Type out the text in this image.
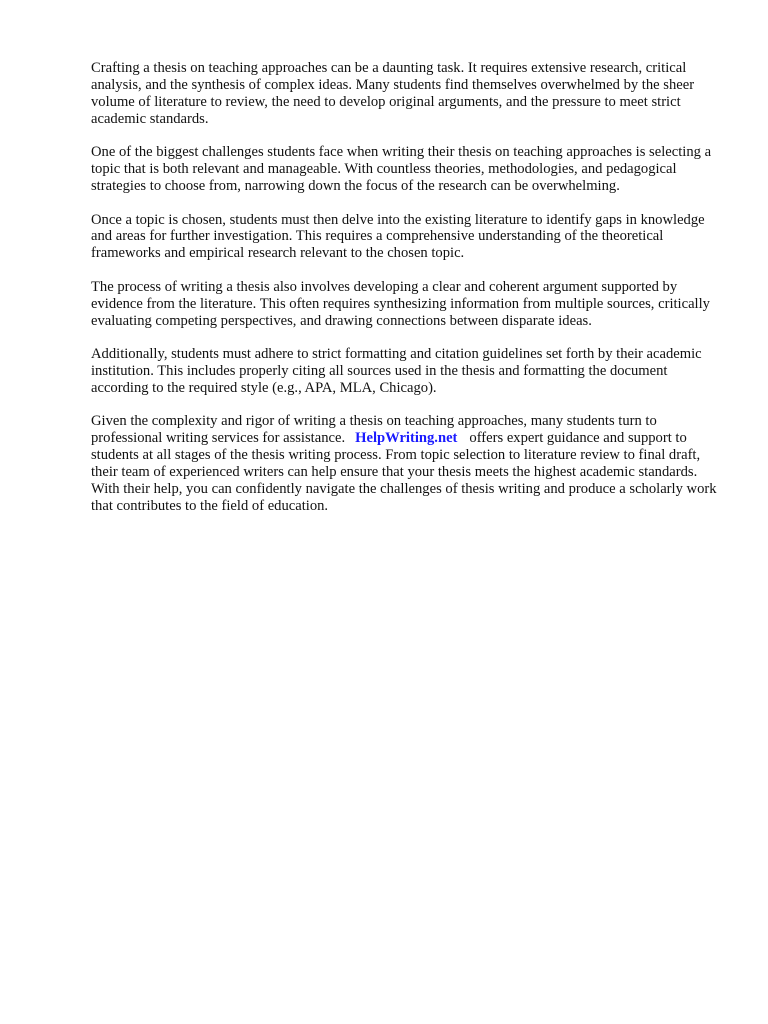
Crafting a thesis on teaching approaches can be a daunting task. It requires extensive research, critical analysis, and the synthesis of complex ideas. Many students find themselves overwhelmed by the sheer volume of literature to review, the need to develop original arguments, and the pressure to meet strict academic standards.

One of the biggest challenges students face when writing their thesis on teaching approaches is selecting a topic that is both relevant and manageable. With countless theories, methodologies, and pedagogical strategies to choose from, narrowing down the focus of the research can be overwhelming.

Once a topic is chosen, students must then delve into the existing literature to identify gaps in knowledge and areas for further investigation. This requires a comprehensive understanding of the theoretical frameworks and empirical research relevant to the chosen topic.

The process of writing a thesis also involves developing a clear and coherent argument supported by evidence from the literature. This often requires synthesizing information from multiple sources, critically evaluating competing perspectives, and drawing connections between disparate ideas.

Additionally, students must adhere to strict formatting and citation guidelines set forth by their academic institution. This includes properly citing all sources used in the thesis and formatting the document according to the required style (e.g., APA, MLA, Chicago).

Given the complexity and rigor of writing a thesis on teaching approaches, many students turn to professional writing services for assistance. HelpWriting.net offers expert guidance and support to students at all stages of the thesis writing process. From topic selection to literature review to final draft, their team of experienced writers can help ensure that your thesis meets the highest academic standards. With their help, you can confidently navigate the challenges of thesis writing and produce a scholarly work that contributes to the field of education.
